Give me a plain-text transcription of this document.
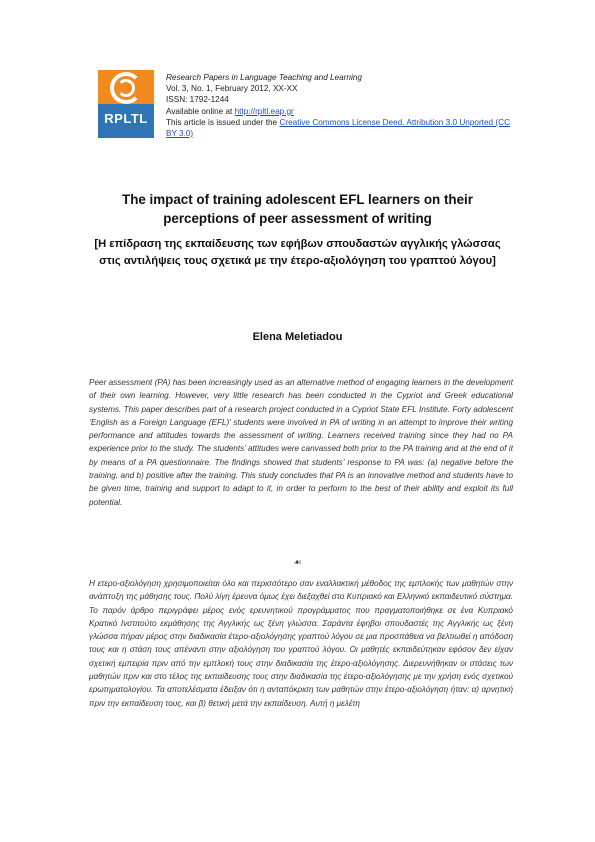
RPLTL
Research Papers in Language Teaching and Learning
Vol. 3, No. 1, February 2012, XX-XX
ISSN: 1792-1244
Available online at http://rpltl.eap.gr
This article is issued under the Creative Commons License Deed. Attribution 3.0 Unported (CC BY 3.0)
The impact of training adolescent EFL learners on their perceptions of peer assessment of writing
[Η επίδραση της εκπαίδευσης των εφήβων σπουδαστών αγγλικής γλώσσας στις αντιλήψεις τους σχετικά με την έτερο-αξιολόγηση του γραπτού λόγου]
Elena Meletiadou
Peer assessment (PA) has been increasingly used as an alternative method of engaging learners in the development of their own learning. However, very little research has been conducted in the Cypriot and Greek educational systems. This paper describes part of a research project conducted in a Cypriot State EFL Institute. Forty adolescent ‘English as a Foreign Language (EFL)’ students were involved in PA of writing in an attempt to improve their writing performance and attitudes towards the assessment of writing. Learners received training since they had no PA experience prior to the study. The students’ attitudes were canvassed both prior to the PA training and at the end of it by means of a PA questionnaire. The findings showed that students’ response to PA was: (a) negative before the training, and b) positive after the training. This study concludes that PA is an innovative method and students have to be given time, training and support to adapt to it, in order to perform to the best of their ability and exploit its full potential.
☙
Η ετερο-αξιολόγηση χρησιμοποιείται όλο και περισσότερο σαν εναλλακτική μέθοδος της εμπλοκής των μαθητών στην ανάπτυξη της μάθησης τους. Πολύ λίγη έρευνα όμως έχει διεξαχθεί στο Κυπριακό και Ελληνικό εκπαιδευτικό σύστημα. Το παρόν άρθρο περιγράφει μέρος ενός ερευνητικού προγράμματος που πραγματοποιήθηκε σε ένα Κυπριακό Κρατικό Ινστιτούτο εκμάθησης της Αγγλικής ως ξένη γλώσσα. Σαράντα έφηβοι σπουδαστές της Αγγλικής ως ξένη γλώσσα πήραν μέρος στην διαδικασία έτερο-αξιολόγησης γραπτού λόγου σε μια προσπάθεια να βελτιωθεί η απόδοση τους και η στάση τους απέναντι στην αξιολόγηση του γραπτού λόγου. Οι μαθητές εκπαιδεύτηκαν εφόσον δεν είχαν σχετική εμπειρία πριν από την εμπλοκή τους στην διαδικασία της έτερο-αξιολόγησης. Διερευνήθηκαν οι στάσεις των μαθητών πριν και στο τέλος της εκπαίδευσης τους στην διαδικασία της έτερο-αξιολόγησης με την χρήση ενός σχετικού ερωτηματολογίου. Τα αποτελέσματα έδειξαν ότι η ανταπόκριση των μαθητών στην έτερο-αξιολόγηση ήταν: α) αρνητική πριν την εκπαίδευση τους, και β) θετική μετά την εκπαίδευση. Αυτή η μελέτη
